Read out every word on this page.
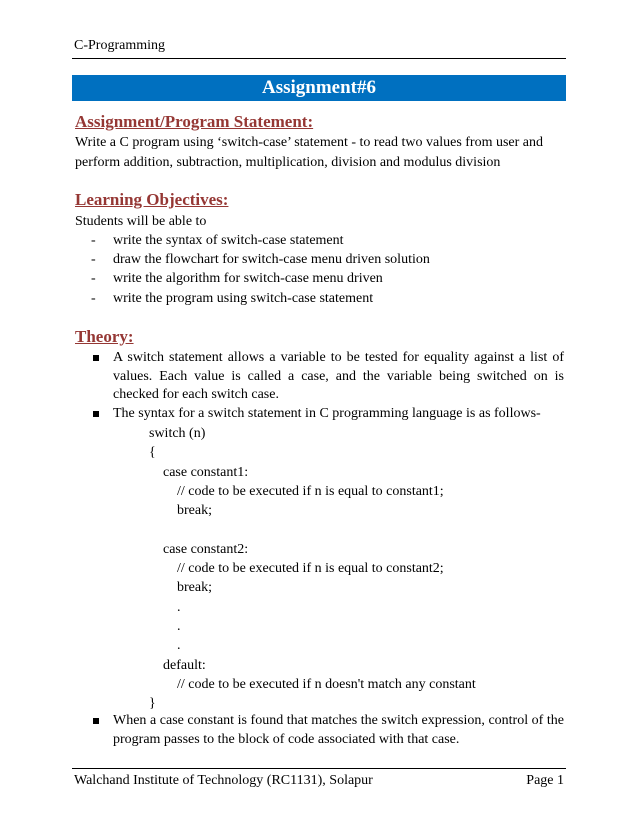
C-Programming
Assignment#6
Assignment/Program Statement:
Write a C program using ‘switch-case’ statement - to read two values from user and perform addition, subtraction, multiplication, division and modulus division
Learning Objectives:
Students will be able to
- write the syntax of switch-case statement
- draw the flowchart for switch-case menu driven solution
- write the algorithm for switch-case menu driven
- write the program using switch-case statement
Theory:
A switch statement allows a variable to be tested for equality against a list of values. Each value is called a case, and the variable being switched on is checked for each switch case.
The syntax for a switch statement in C programming language is as follows-
switch (n)
{
case constant1:
// code to be executed if n is equal to constant1;
break;

case constant2:
// code to be executed if n is equal to constant2;
break;
.
.
.
default:
// code to be executed if n doesn't match any constant
}
When a case constant is found that matches the switch expression, control of the program passes to the block of code associated with that case.
Walchand Institute of Technology (RC1131), Solapur	Page 1
